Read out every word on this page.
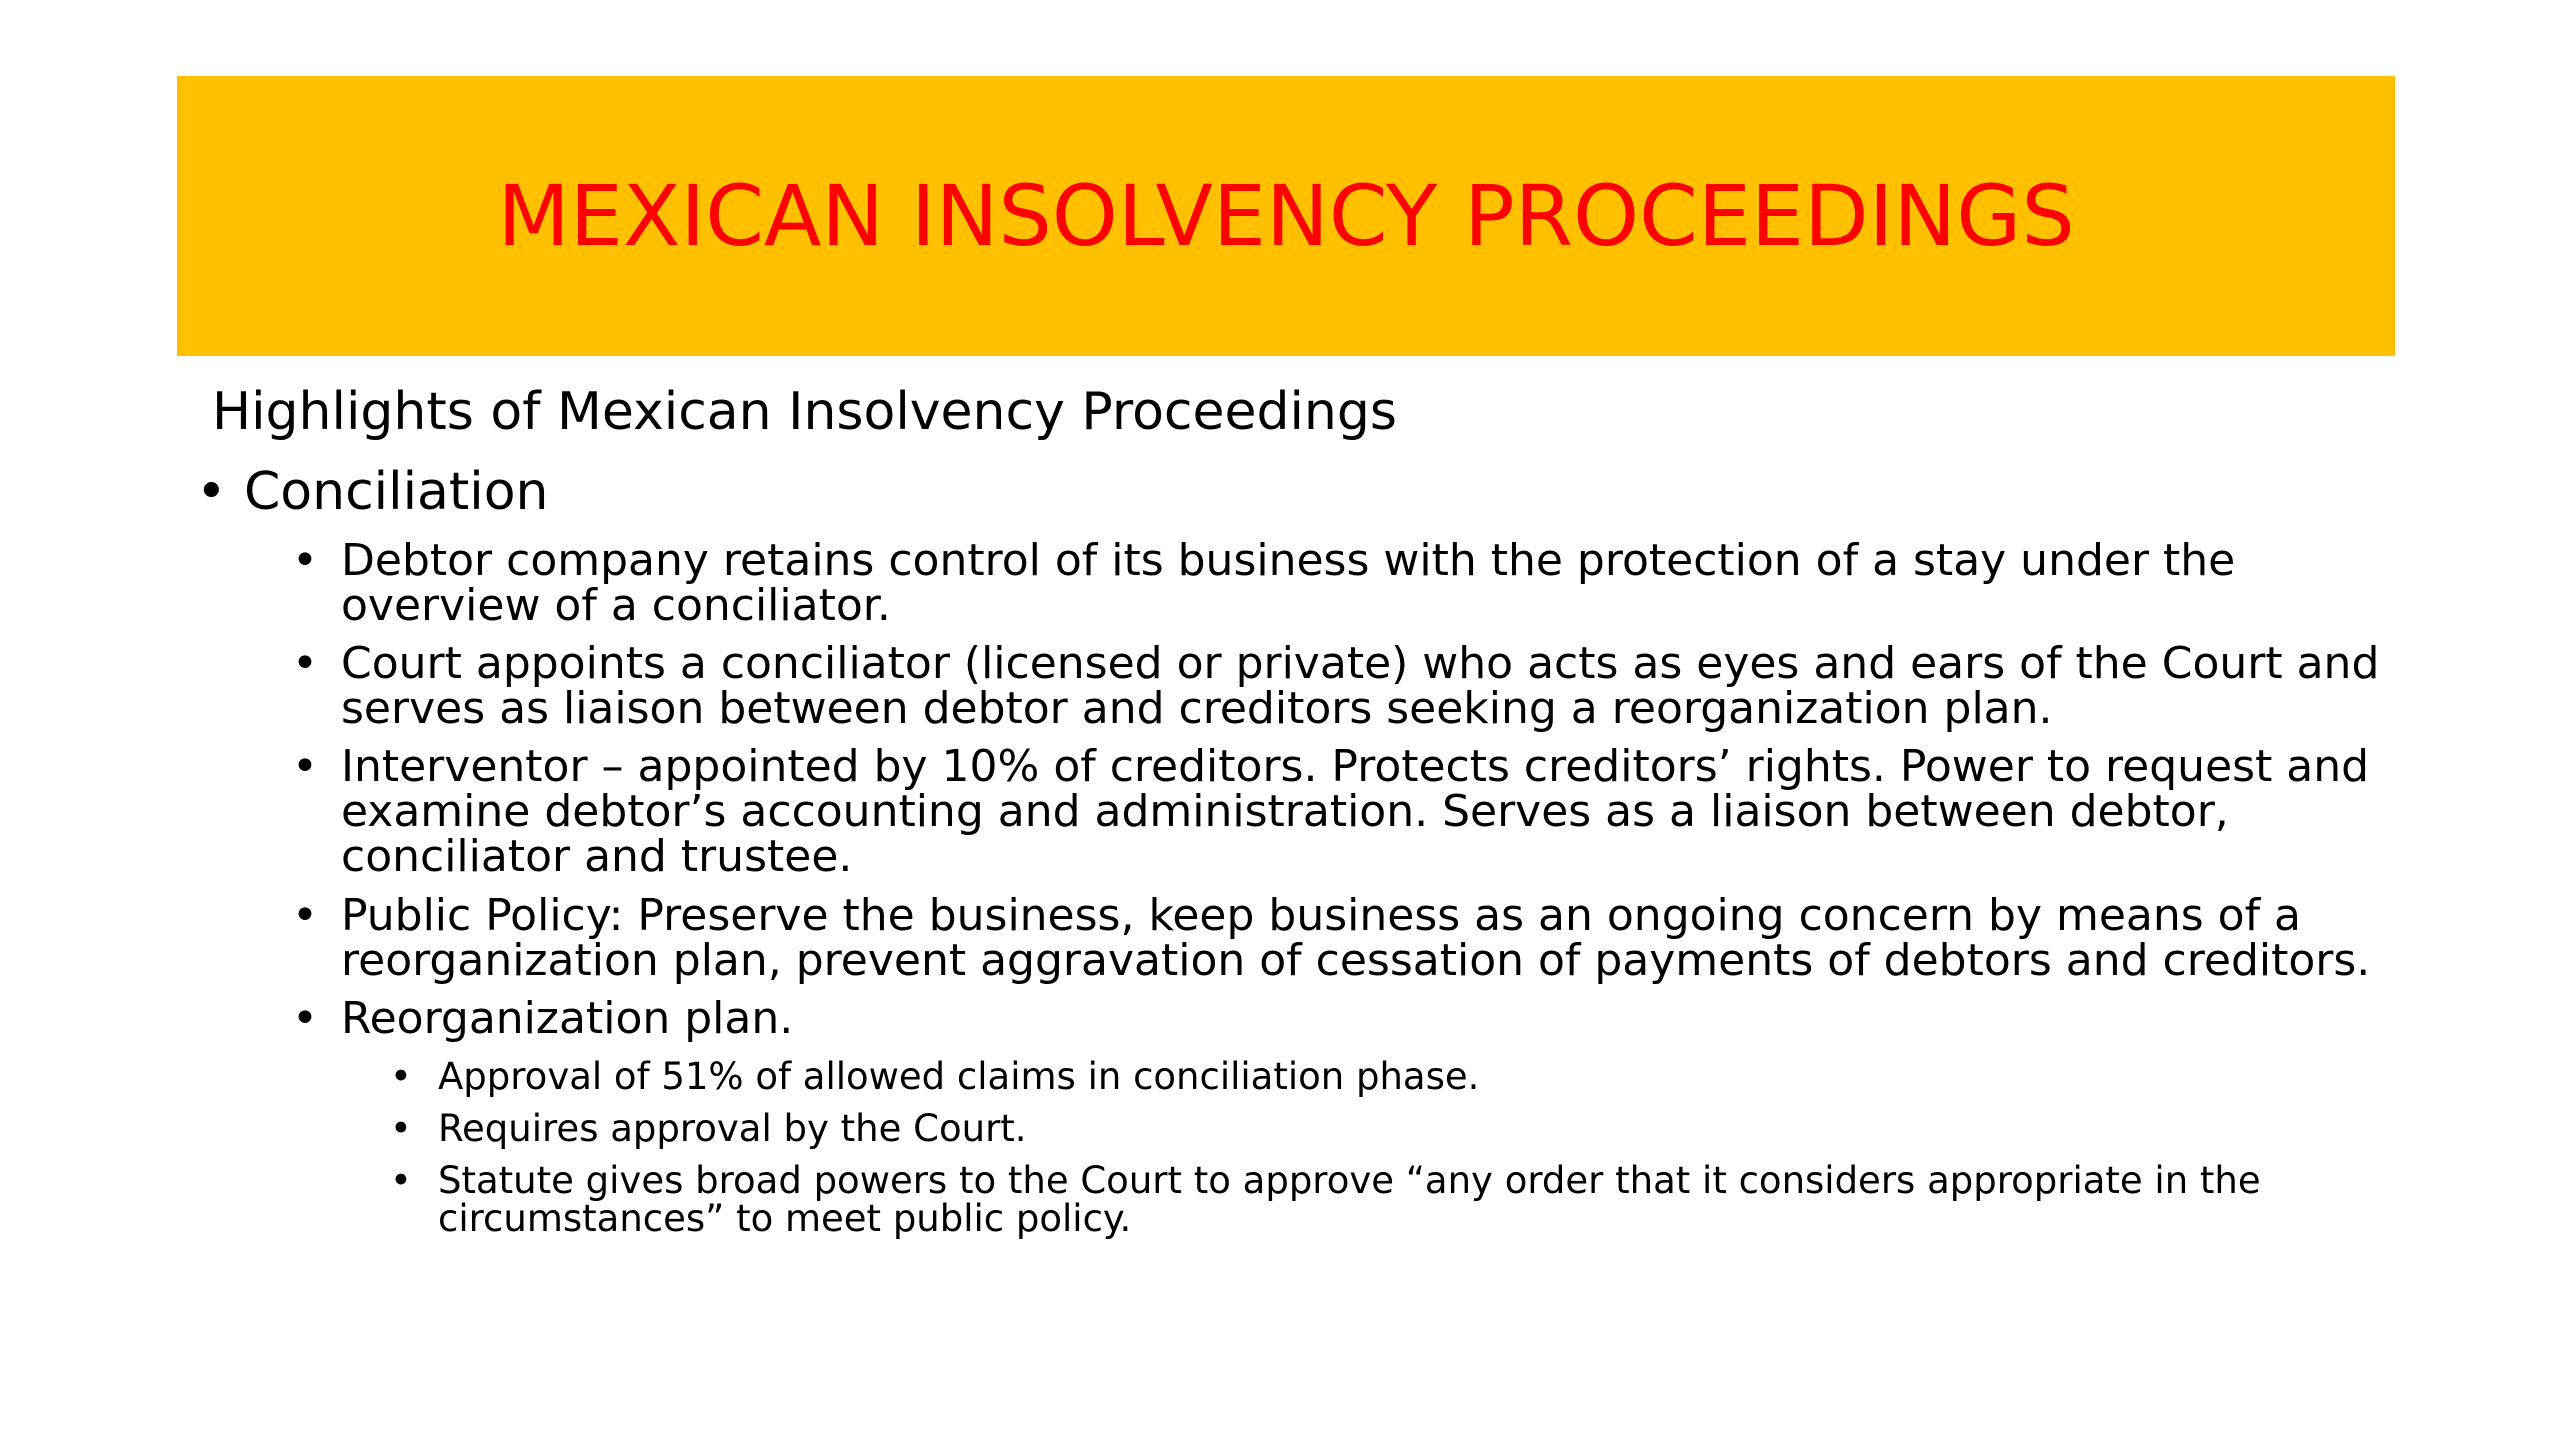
MEXICAN INSOLVENCY PROCEEDINGS
Highlights of Mexican Insolvency Proceedings
• Conciliation
• Debtor company retains control of its business with the protection of a stay under the overview of a conciliator.
• Court appoints a conciliator (licensed or private) who acts as eyes and ears of the Court and serves as liaison between debtor and creditors seeking a reorganization plan.
• Interventor – appointed by 10% of creditors. Protects creditors’ rights. Power to request and examine debtor’s accounting and administration. Serves as a liaison between debtor, conciliator and trustee.
• Public Policy: Preserve the business, keep business as an ongoing concern by means of a reorganization plan, prevent aggravation of cessation of payments of debtors and creditors.
• Reorganization plan.
• Approval of 51% of allowed claims in conciliation phase.
• Requires approval by the Court.
• Statute gives broad powers to the Court to approve “any order that it considers appropriate in the circumstances” to meet public policy.
